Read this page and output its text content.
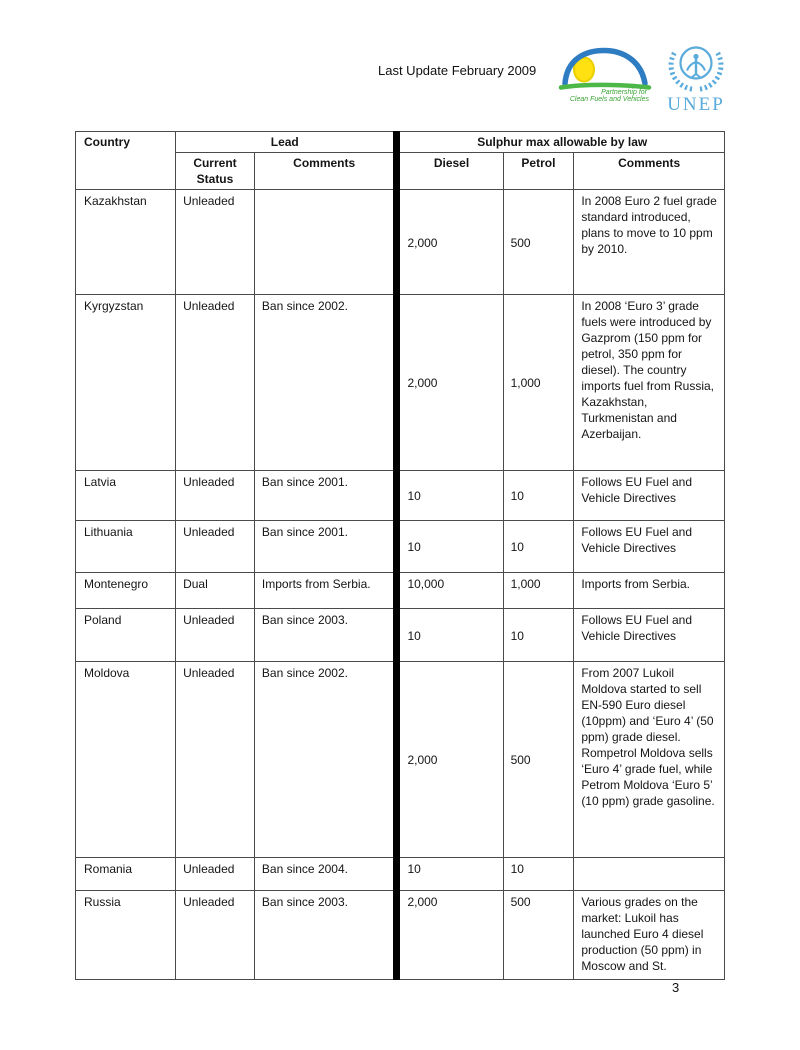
Last Update February 2009
Partnership for
Clean Fuels and Vehicles UNEP
Country	Lead		Sulphur max allowable by law		
	Current Status	Comments	Diesel	Petrol	Comments
Kazakhstan	Unleaded		2,000	500	In 2008 Euro 2 fuel grade standard introduced, plans to move to 10 ppm by 2010.
Kyrgyzstan	Unleaded	Ban since 2002.	2,000	1,000	In 2008 ‘Euro 3’ grade fuels were introduced by Gazprom (150 ppm for petrol, 350 ppm for diesel). The country imports fuel from Russia, Kazakhstan, Turkmenistan and Azerbaijan.
Latvia	Unleaded	Ban since 2001.	10	10	Follows EU Fuel and Vehicle Directives
Lithuania	Unleaded	Ban since 2001.	10	10	Follows EU Fuel and Vehicle Directives
Montenegro	Dual	Imports from Serbia.	10,000	1,000	Imports from Serbia.
Poland	Unleaded	Ban since 2003.	10	10	Follows EU Fuel and Vehicle Directives
Moldova	Unleaded	Ban since 2002.	2,000	500	From 2007 Lukoil Moldova started to sell EN-590 Euro diesel (10ppm) and ‘Euro 4’ (50 ppm) grade diesel. Rompetrol Moldova sells ‘Euro 4’ grade fuel, while Petrom Moldova ‘Euro 5’ (10 ppm) grade gasoline.
Romania	Unleaded	Ban since 2004.	10	10	
Russia	Unleaded	Ban since 2003.	2,000	500	Various grades on the market: Lukoil has launched Euro 4 diesel production (50 ppm) in Moscow and St.
3
